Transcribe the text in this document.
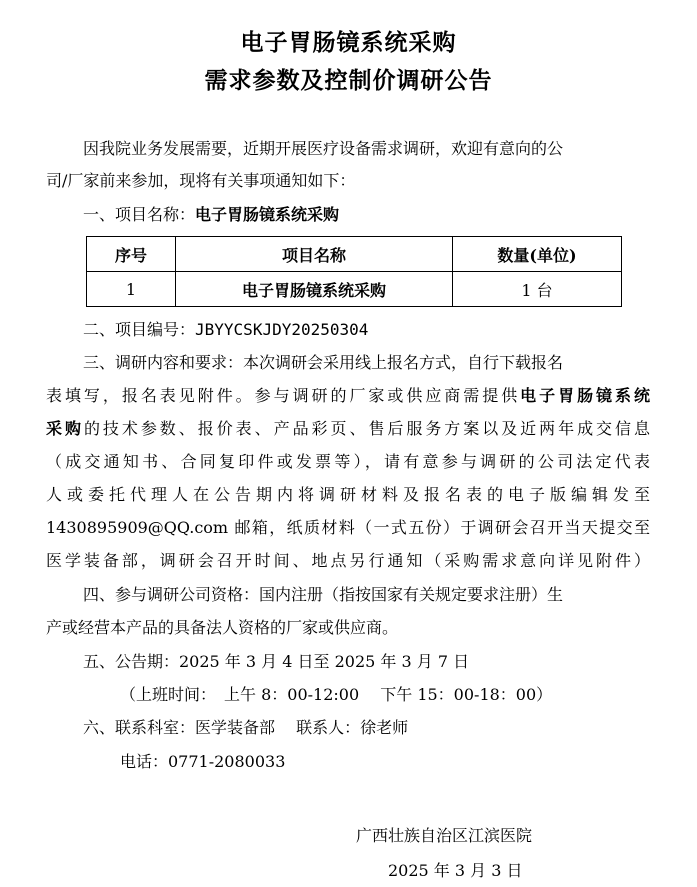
电子胃肠镜系统采购
需求参数及控制价调研公告
因我院业务发展需要，近期开展医疗设备需求调研，欢迎有意向的公
司/厂家前来参加，现将有关事项通知如下：
一、项目名称：电子胃肠镜系统采购
序号	项目名称	数量(单位)
1	电子胃肠镜系统采购	1 台
二、项目编号：JBYYCSKJDY20250304
三、调研内容和要求：本次调研会采用线上报名方式，自行下载报名
表填写，报名表见附件。参与调研的厂家或供应商需提供电子胃肠镜系统
采购的技术参数、报价表、产品彩页、售后服务方案以及近两年成交信息
（成交通知书、合同复印件或发票等），请有意参与调研的公司法定代表
人或委托代理人在公告期内将调研材料及报名表的电子版编辑发至
1430895909@QQ.com 邮箱，纸质材料（一式五份）于调研会召开当天提交至
医学装备部，调研会召开时间、地点另行通知（采购需求意向详见附件）
四、参与调研公司资格：国内注册（指按国家有关规定要求注册）生
产或经营本产品的具备法人资格的厂家或供应商。
五、公告期：2025 年 3 月 4 日至 2025 年 3 月 7 日
（上班时间：　上午 8：00-12:00　 下午 15：00-18：00）
六、联系科室：医学装备部　 联系人：徐老师
电话：0771-2080033
广西壮族自治区江滨医院
2025 年 3 月 3 日
